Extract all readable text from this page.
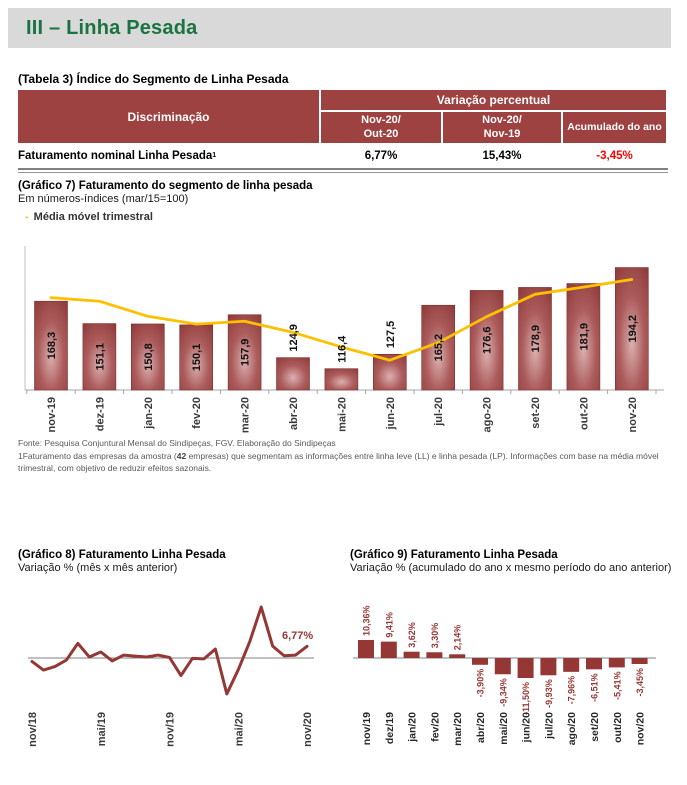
III – Linha Pesada
(Tabela 3) Índice do Segmento de Linha Pesada
Discriminação
Variação percentual
Nov-20/
Out-20
Nov-20/
Nov-19
Acumulado do ano
Faturamento nominal Linha Pesada 1	6,77%	15,43%	-3,45%
(Gráfico 7) Faturamento do segmento de linha pesada
Em números-índices (mar/15=100)
- Média móvel trimestral
168,3
nov-19
151,1
dez-19
150,8
jan-20
150,1
fev-20
157,9
mar-20
124,9
abr-20
116,4
mai-20
127,5
jun-20
165,2
jul-20
176,6
ago-20
178,9
set-20
181,9
out-20
194,2
nov-20
Fonte: Pesquisa Conjuntural Mensal do Sindipeças, FGV. Elaboração do Sindipeças
1Faturamento das empresas da amostra (42 empresas) que segmentam as informações entre linha leve (LL) e linha pesada (LP). Informações com base na média móvel trimestral, com objetivo de reduzir efeitos sazonais.
(Gráfico 8) Faturamento Linha Pesada
Variação % (mês x mês anterior)
nov/18	mai/19	nov/19	mai/20	nov/20
6,77%
(Gráfico 9) Faturamento Linha Pesada
Variação % (acumulado do ano x mesmo período do ano anterior)
10,36%
nov/19
9,41%
dez/19
3,62%
jan/20
3,30%
fev/20
2,14%
mar/20
-3,90%
abr/20
-9,34%
mai/20
-11,50%
jun/20
-9,93%
jul/20
-7,96%
ago/20
-6,51%
set/20
-5,41%
out/20
-3,45%
nov/20
